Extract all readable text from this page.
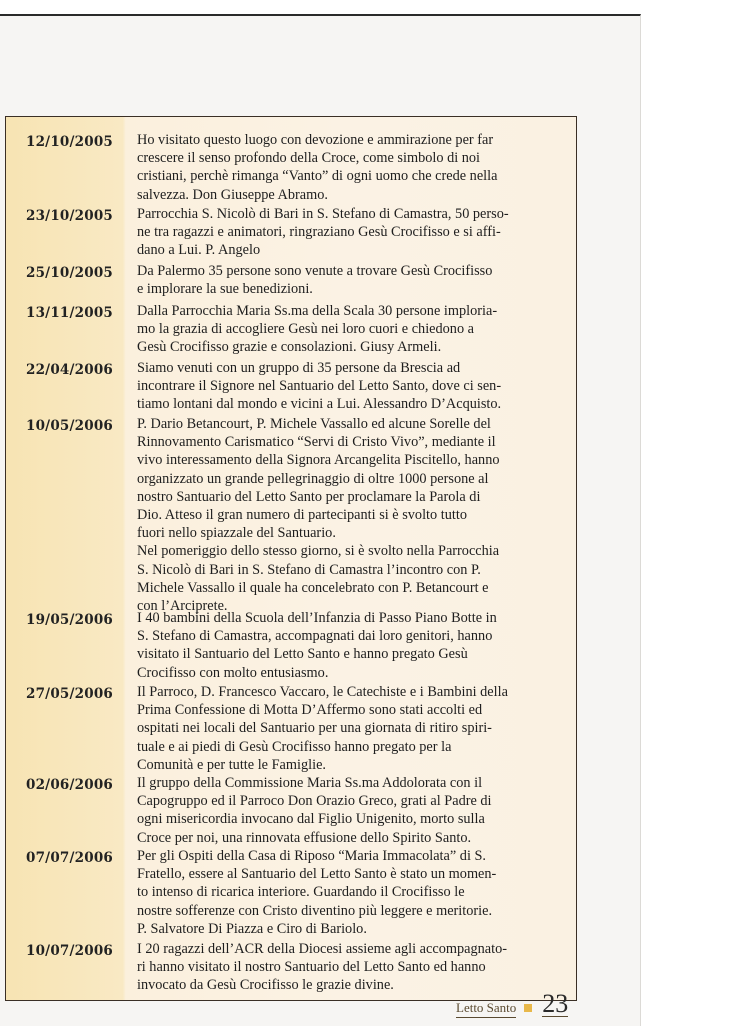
12/10/2005	Ho visitato questo luogo con devozione e ammirazione per far
crescere il senso profondo della Croce, come simbolo di noi
cristiani, perchè rimanga “Vanto” di ogni uomo che crede nella
salvezza. Don Giuseppe Abramo.
23/10/2005	Parrocchia S. Nicolò di Bari in S. Stefano di Camastra, 50 perso-
ne tra ragazzi e animatori, ringraziano Gesù Crocifisso e si affi-
dano a Lui. P. Angelo
25/10/2005	Da Palermo 35 persone sono venute a trovare Gesù Crocifisso
e implorare la sue benedizioni.
13/11/2005	Dalla Parrocchia Maria Ss.ma della Scala 30 persone imploria-
mo la grazia di accogliere Gesù nei loro cuori e chiedono a
Gesù Crocifisso grazie e consolazioni. Giusy Armeli.
22/04/2006	Siamo venuti con un gruppo di 35 persone da Brescia ad
incontrare il Signore nel Santuario del Letto Santo, dove ci sen-
tiamo lontani dal mondo e vicini a Lui. Alessandro D’Acquisto.
10/05/2006	P. Dario Betancourt, P. Michele Vassallo ed alcune Sorelle del
Rinnovamento Carismatico “Servi di Cristo Vivo”, mediante il
vivo interessamento della Signora Arcangelita Piscitello, hanno
organizzato un grande pellegrinaggio di oltre 1000 persone al
nostro Santuario del Letto Santo per proclamare la Parola di
Dio. Atteso il gran numero di partecipanti si è svolto tutto
fuori nello spiazzale del Santuario.
Nel pomeriggio dello stesso giorno, si è svolto nella Parrocchia
S. Nicolò di Bari in S. Stefano di Camastra l’incontro con P.
Michele Vassallo il quale ha concelebrato con P. Betancourt e
con l’Arciprete.
19/05/2006	I 40 bambini della Scuola dell’Infanzia di Passo Piano Botte in
S. Stefano di Camastra, accompagnati dai loro genitori, hanno
visitato il Santuario del Letto Santo e hanno pregato Gesù
Crocifisso con molto entusiasmo.
27/05/2006	Il Parroco, D. Francesco Vaccaro, le Catechiste e i Bambini della
Prima Confessione di Motta D’Affermo sono stati accolti ed
ospitati nei locali del Santuario per una giornata di ritiro spiri-
tuale e ai piedi di Gesù Crocifisso hanno pregato per la
Comunità e per tutte le Famiglie.
02/06/2006	Il gruppo della Commissione Maria Ss.ma Addolorata con il
Capogruppo ed il Parroco Don Orazio Greco, grati al Padre di
ogni misericordia invocano dal Figlio Unigenito, morto sulla
Croce per noi, una rinnovata effusione dello Spirito Santo.
07/07/2006	Per gli Ospiti della Casa di Riposo “Maria Immacolata” di S.
Fratello, essere al Santuario del Letto Santo è stato un momen-
to intenso di ricarica interiore. Guardando il Crocifisso le
nostre sofferenze con Cristo diventino più leggere e meritorie.
P. Salvatore Di Piazza e Ciro di Bariolo.
10/07/2006	I 20 ragazzi dell’ACR della Diocesi assieme agli accompagnato-
ri hanno visitato il nostro Santuario del Letto Santo ed hanno
invocato da Gesù Crocifisso le grazie divine.
Letto Santo 23
